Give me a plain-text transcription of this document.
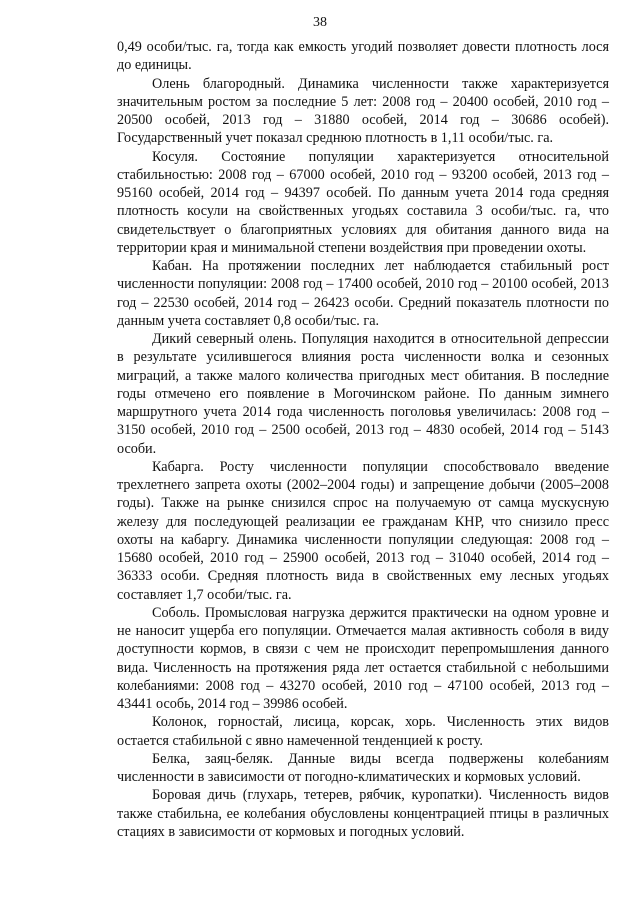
38

0,49 особи/тыс. га, тогда как емкость угодий позволяет довести плотность лося до единицы.

Олень благородный. Динамика численности также характеризуется значительным ростом за последние 5 лет: 2008 год – 20400 особей, 2010 год – 20500 особей, 2013 год – 31880 особей, 2014 год – 30686 особей). Государственный учет показал среднюю плотность в 1,11 особи/тыс. га.

Косуля. Состояние популяции характеризуется относительной стабильностью: 2008 год – 67000 особей, 2010 год – 93200 особей, 2013 год – 95160 особей, 2014 год – 94397 особей. По данным учета 2014 года средняя плотность косули на свойственных угодьях составила 3 особи/тыс. га, что свидетельствует о благоприятных условиях для обитания данного вида на территории края и минимальной степени воздействия при проведении охоты.

Кабан. На протяжении последних лет наблюдается стабильный рост численности популяции: 2008 год – 17400 особей, 2010 год – 20100 особей, 2013 год – 22530 особей, 2014 год – 26423 особи. Средний показатель плотности по данным учета составляет 0,8 особи/тыс. га.

Дикий северный олень. Популяция находится в относительной депрессии в результате усилившегося влияния роста численности волка и сезонных миграций, а также малого количества пригодных мест обитания. В последние годы отмечено его появление в Могочинском районе. По данным зимнего маршрутного учета 2014 года численность поголовья увеличилась: 2008 год – 3150 особей, 2010 год – 2500 особей, 2013 год – 4830 особей, 2014 год – 5143 особи.

Кабарга. Росту численности популяции способствовало введение трехлетнего запрета охоты (2002–2004 годы) и запрещение добычи (2005–2008 годы). Также на рынке снизился спрос на получаемую от самца мускусную железу для последующей реализации ее гражданам КНР, что снизило пресс охоты на кабаргу. Динамика численности популяции следующая: 2008 год – 15680 особей, 2010 год – 25900 особей, 2013 год – 31040 особей, 2014 год – 36333 особи. Средняя плотность вида в свойственных ему лесных угодьях составляет 1,7 особи/тыс. га.

Соболь. Промысловая нагрузка держится практически на одном уровне и не наносит ущерба его популяции. Отмечается малая активность соболя в виду доступности кормов, в связи с чем не происходит перепромышления данного вида. Численность на протяжения ряда лет остается стабильной с небольшими колебаниями: 2008 год – 43270 особей, 2010 год – 47100 особей, 2013 год – 43441 особь, 2014 год – 39986 особей.

Колонок, горностай, лисица, корсак, хорь. Численность этих видов остается стабильной с явно намеченной тенденцией к росту.

Белка, заяц-беляк. Данные виды всегда подвержены колебаниям численности в зависимости от погодно-климатических и кормовых условий.

Боровая дичь (глухарь, тетерев, рябчик, куропатки). Численность видов также стабильна, ее колебания обусловлены концентрацией птицы в различных стациях в зависимости от кормовых и погодных условий.
